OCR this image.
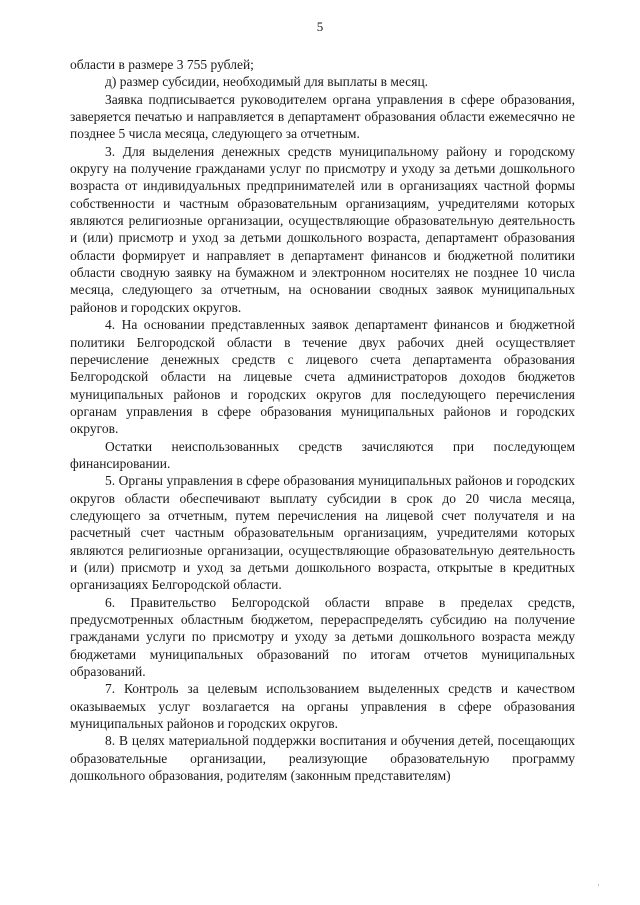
5

области в размере 3 755 рублей;

д) размер субсидии, необходимый для выплаты в месяц.

Заявка подписывается руководителем органа управления в сфере образования, заверяется печатью и направляется в департамент образования области ежемесячно не позднее 5 числа месяца, следующего за отчетным.

3. Для выделения денежных средств муниципальному району и городскому округу на получение гражданами услуг по присмотру и уходу за детьми дошкольного возраста от индивидуальных предпринимателей или в организациях частной формы собственности и частным образовательным организациям, учредителями которых являются религиозные организации, осуществляющие образовательную деятельность и (или) присмотр и уход за детьми дошкольного возраста, департамент образования области формирует и направляет в департамент финансов и бюджетной политики области сводную заявку на бумажном и электронном носителях не позднее 10 числа месяца, следующего за отчетным, на основании сводных заявок муниципальных районов и городских округов.

4. На основании представленных заявок департамент финансов и бюджетной политики Белгородской области в течение двух рабочих дней осуществляет перечисление денежных средств с лицевого счета департамента образования Белгородской области на лицевые счета администраторов доходов бюджетов муниципальных районов и городских округов для последующего перечисления органам управления в сфере образования муниципальных районов и городских округов.

Остатки неиспользованных средств зачисляются при последующем финансировании.

5. Органы управления в сфере образования муниципальных районов и городских округов области обеспечивают выплату субсидии в срок до 20 числа месяца, следующего за отчетным, путем перечисления на лицевой счет получателя и на расчетный счет частным образовательным организациям, учредителями которых являются религиозные организации, осуществляющие образовательную деятельность и (или) присмотр и уход за детьми дошкольного возраста, открытые в кредитных организациях Белгородской области.

6. Правительство Белгородской области вправе в пределах средств, предусмотренных областным бюджетом, перераспределять субсидию на получение гражданами услуги по присмотру и уходу за детьми дошкольного возраста между бюджетами муниципальных образований по итогам отчетов муниципальных образований.

7. Контроль за целевым использованием выделенных средств и качеством оказываемых услуг возлагается на органы управления в сфере образования муниципальных районов и городских округов.

8. В целях материальной поддержки воспитания и обучения детей, посещающих образовательные организации, реализующие образовательную программу дошкольного образования, родителям (законным представителям)

·
